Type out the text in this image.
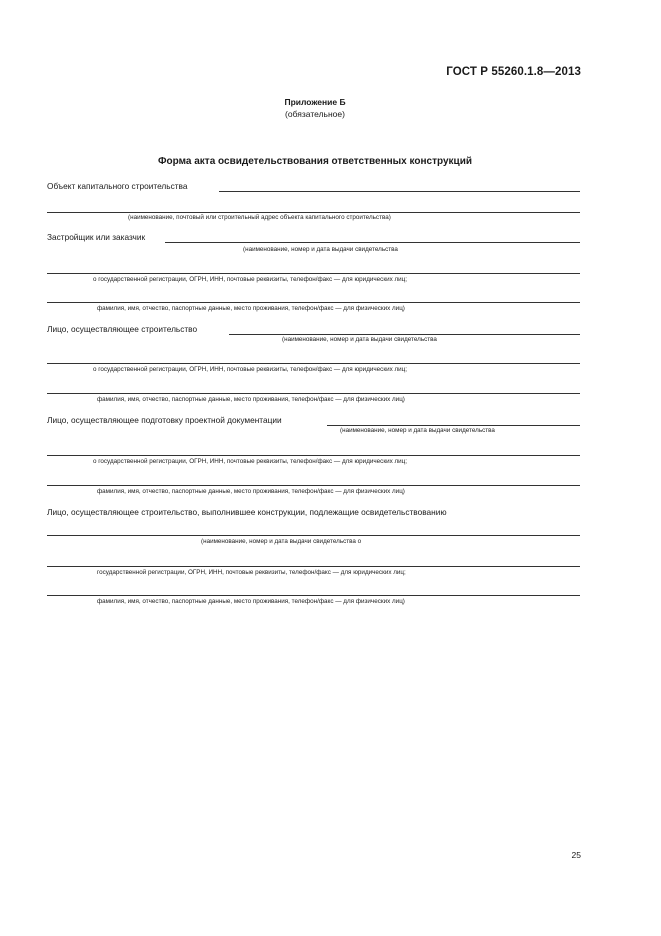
ГОСТ Р 55260.1.8—2013
Приложение Б
(обязательное)
Форма акта освидетельствования ответственных конструкций
Объект капитального строительства
(наименование, почтовый или строительный адрес объекта капитального строительства)
Застройщик или заказчик
(наименование, номер и дата выдачи свидетельства
о государственной регистрации, ОГРН, ИНН, почтовые реквизиты, телефон/факс — для юридических лиц;
фамилия, имя, отчество, паспортные данные, место проживания, телефон/факс — для физических лиц)
Лицо, осуществляющее строительство
(наименование, номер и дата выдачи свидетельства
о государственной регистрации, ОГРН, ИНН, почтовые реквизиты, телефон/факс — для юридических лиц;
фамилия, имя, отчество, паспортные данные, место проживания, телефон/факс — для физических лиц)
Лицо, осуществляющее подготовку проектной документации
(наименование, номер и дата выдачи свидетельства
о государственной регистрации, ОГРН, ИНН, почтовые реквизиты, телефон/факс — для юридических лиц;
фамилия, имя, отчество, паспортные данные, место проживания, телефон/факс — для физических лиц)
Лицо, осуществляющее строительство, выполнившее конструкции, подлежащие освидетельствованию
(наименование, номер и дата выдачи свидетельства о
государственной регистрации, ОГРН, ИНН, почтовые реквизиты, телефон/факс — для юридических лиц;
фамилия, имя, отчество, паспортные данные, место проживания, телефон/факс — для физических лиц)
25
